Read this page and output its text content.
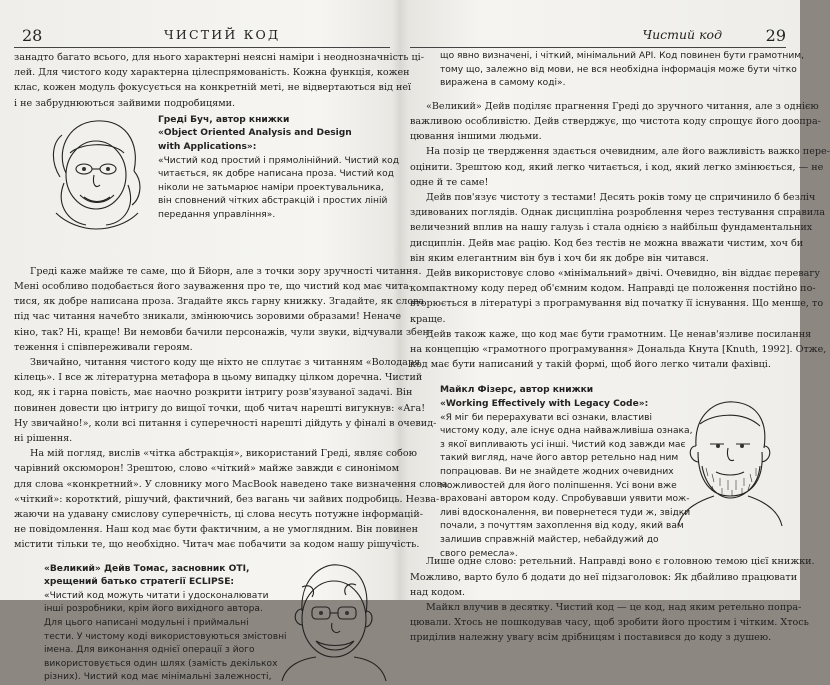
28	ЧИСТИЙ КОД
занадто багато всього, для нього характерні неясні наміри і неоднозначність ці-
лей. Для чистого коду характерна цілеспрямованість. Кожна функція, кожен
клас, кожен модуль фокусується на конкретній меті, не відвертаються від неї
і не забруднюються зайвими подробицями.
Греді Буч, автор книжки
«Object Oriented Analysis and Design
with Applications»:
«Чистий код простий і прямолінійний. Чистий код
читається, як добре написана проза. Чистий код
ніколи не затьмарює наміри проектувальника,
він сповнений чітких абстракцій і простих ліній
передання управління».
Греді каже майже те саме, що й Бйорн, але з точки зору зручності читання.
Мені особливо подобається його зауваження про те, що чистий код має чита-
тися, як добре написана проза. Згадайте яксь гарну книжку. Згадайте, як слова
під час читання начебто зникали, змінюючись зоровими образами! Неначе
кіно, так? Ні, краще! Ви немовби бачили персонажів, чули звуки, відчували збен-
теження і співпереживали героям.
Звичайно, читання чистого коду ще ніхто не сплутає з читанням «Володаря
кілець». І все ж літературна метафора в цьому випадку цілком доречна. Чистий
код, як і гарна повість, має наочно розкрити інтригу розв'язуваної задачі. Він
повинен довести цю інтригу до вищої точки, щоб читач нарешті вигукнув: «Ага!
Ну звичайно!», коли всі питання і суперечності нарешті дійдуть у фіналі в очевид-
ні рішення.
На мій погляд, вислів «чітка абстракція», використаний Греді, являє собою
чарівний оксюморон! Зрештою, слово «чіткий» майже завжди є синонімом
для слова «конкретний». У словнику мого MacBook наведено таке визначення слова
«чіткий»: коротктий, рішучий, фактичний, без вагань чи зайвих подробиць. Незва-
жаючи на удавану смислову суперечність, ці слова несуть потужне інформацій-
не повідомлення. Наш код має бути фактичним, а не умоглядним. Він повинен
містити тільки те, що необхідно. Читач має побачити за кодом нашу рішучість.
«Великий» Дейв Томас, засновник OTI,
хрещений батько стратегії ECLIPSE:
«Чистий код можуть читати і удосконалювати
інші розробники, крім його вихідного автора.
Для цього написані модульні і приймальні
тести. У чистому коді використовуються змістовні
імена. Для виконання однієї операції з його
використовується один шлях (замість декількох
різних). Чистий код має мінімальні залежності,
Чистий код	29
що явно визначені, і чіткий, мінімальний API. Код повинен бути грамотним,
тому що, залежно від мови, не вся необхідна інформація може бути чітко
виражена в самому коді».
«Великий» Дейв поділяє прагнення Греді до зручного читання, але з однією
важливою особливістю. Дейв стверджує, що чистота коду спрощує його доопра-
цювання іншими людьми.
На позір це твердження здається очевидним, але його важливість важко пере-
оцінити. Зрештою код, який легко читається, і код, який легко змінюється, — не
одне й те саме!
Дейв пов'язує чистоту з тестами! Десять років тому це спричинило б безліч
здивованих поглядів. Однак дисципліна розроблення через тестування справила
величезний вплив на нашу галузь і стала однією з найбільш фундаментальних
дисциплін. Дейв має рацію. Код без тестів не можна вважати чистим, хоч би
він яким елегантним він був і хоч би як добре він читався.
Дейв використовує слово «мінімальний» двічі. Очевидно, він віддає перевагу
компактному коду перед об'ємним кодом. Направді це положення постійно по-
вторюється в літературі з програмування від початку її існування. Що менше, то
краще.
Дейв також каже, що код має бути грамотним. Це ненав'язливе посилання
на концепцію «грамотного програмування» Дональда Кнута [Knuth, 1992]. Отже,
код має бути написаний у такій формі, щоб його легко читали фахівці.
Майкл Фізерс, автор книжки
«Working Effectively with Legacy Code»:
«Я міг би перерахувати всі ознаки, властиві
чистому коду, але існує одна найважливіша ознака,
з якої випливають усі інші. Чистий код завжди має
такий вигляд, наче його автор ретельно над ним
попрацював. Ви не знайдете жодних очевидних
можливостей для його поліпшення. Усі вони вже
враховані автором коду. Спробувавши уявити мож-
ливі вдосконалення, ви повернетеся туди ж, звідки
почали, з почуттям захоплення від коду, який вам
залишив справжній майстер, небайдужий до
свого ремесла».
Лише одне слово: ретельний. Направді воно є головною темою цієї книжки.
Можливо, варто було б додати до неї підзаголовок: Як дбайливо працювати
над кодом.
Майкл влучив в десятку. Чистий код — це код, над яким ретельно попра-
цювали. Хтось не пошкодував часу, щоб зробити його простим і чітким. Хтось
приділив належну увагу всім дрібницям і поставився до коду з душею.
